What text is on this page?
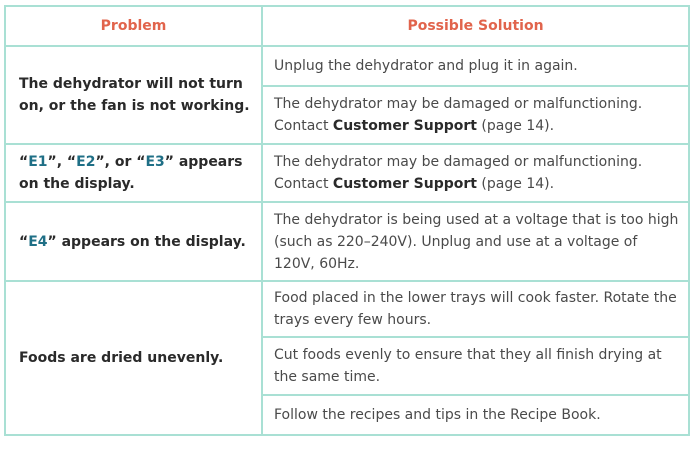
Problem	Possible Solution
The dehydrator will not turn on, or the fan is not working.	Unplug the dehydrator and plug it in again.
	The dehydrator may be damaged or malfunctioning. Contact Customer Support (page 14).
“E1”, “E2”, or “E3” appears on the display.	The dehydrator may be damaged or malfunctioning. Contact Customer Support (page 14).
“E4” appears on the display.	The dehydrator is being used at a voltage that is too high (such as 220–240V). Unplug and use at a voltage of 120V, 60Hz.
Foods are dried unevenly.	Food placed in the lower trays will cook faster. Rotate the trays every few hours.
	Cut foods evenly to ensure that they all finish drying at the same time.
	Follow the recipes and tips in the Recipe Book.
